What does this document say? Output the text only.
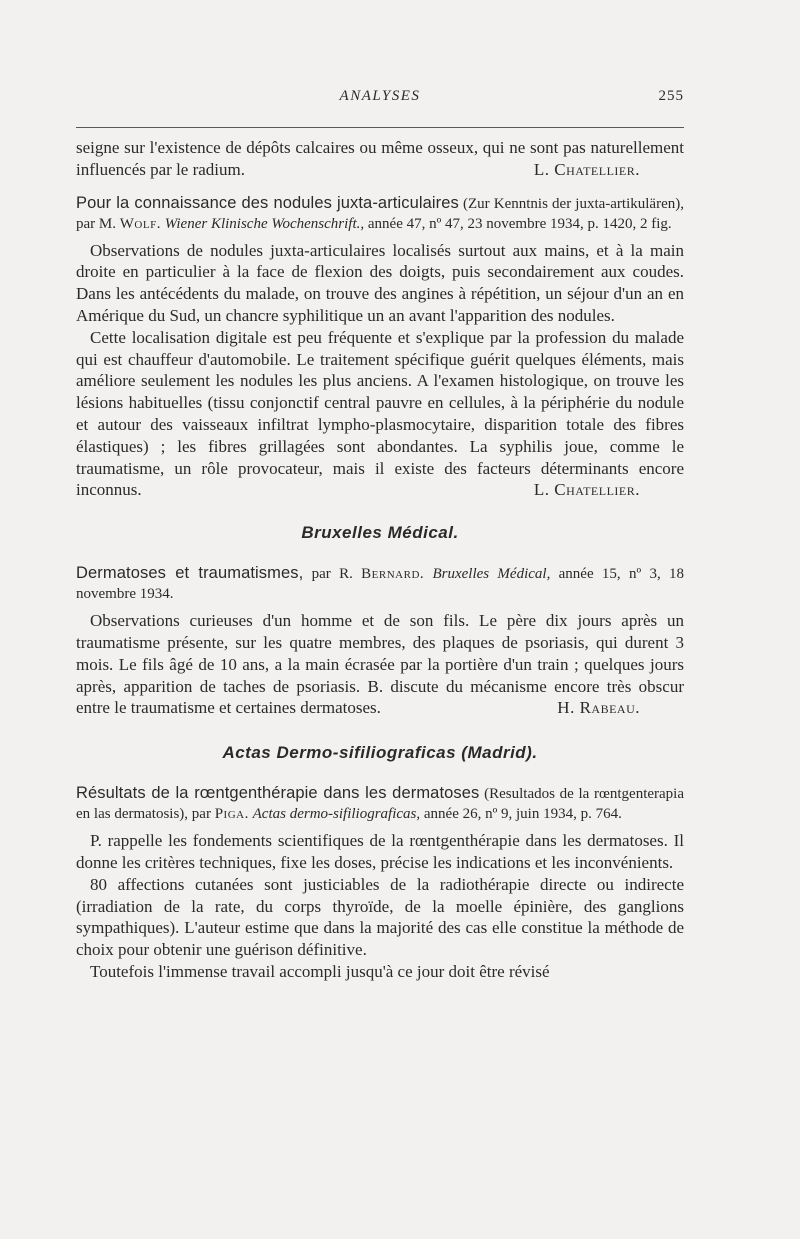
ANALYSES	255

seigne sur l'existence de dépôts calcaires ou même osseux, qui ne sont pas naturellement influencés par le radium.	L. Chatellier.

Pour la connaissance des nodules juxta-articulaires (Zur Kenntnis der juxta-artikulären), par M. Wolf. Wiener Klinische Wochenschrift., année 47, nº 47, 23 novembre 1934, p. 1420, 2 fig.

Observations de nodules juxta-articulaires localisés surtout aux mains, et à la main droite en particulier à la face de flexion des doigts, puis secondairement aux coudes. Dans les antécédents du malade, on trouve des angines à répétition, un séjour d'un an en Amérique du Sud, un chancre syphilitique un an avant l'apparition des nodules.

Cette localisation digitale est peu fréquente et s'explique par la profession du malade qui est chauffeur d'automobile. Le traitement spécifique guérit quelques éléments, mais améliore seulement les nodules les plus anciens. A l'examen histologique, on trouve les lésions habituelles (tissu conjonctif central pauvre en cellules, à la périphérie du nodule et autour des vaisseaux infiltrat lympho-plasmocytaire, disparition totale des fibres élastiques) ; les fibres grillagées sont abondantes. La syphilis joue, comme le traumatisme, un rôle provocateur, mais il existe des facteurs déterminants encore inconnus.	L. Chatellier.

Bruxelles Médical.

Dermatoses et traumatismes, par R. Bernard. Bruxelles Médical, année 15, nº 3, 18 novembre 1934.

Observations curieuses d'un homme et de son fils. Le père dix jours après un traumatisme présente, sur les quatre membres, des plaques de psoriasis, qui durent 3 mois. Le fils âgé de 10 ans, a la main écrasée par la portière d'un train ; quelques jours après, apparition de taches de psoriasis. B. discute du mécanisme encore très obscur entre le traumatisme et certaines dermatoses.	H. Rabeau.

Actas Dermo-sifiliograficas (Madrid).

Résultats de la rœntgenthérapie dans les dermatoses (Resultados de la rœntgenterapia en las dermatosis), par Piga. Actas dermo-sifiliograficas, année 26, nº 9, juin 1934, p. 764.

P. rappelle les fondements scientifiques de la rœntgenthérapie dans les dermatoses. Il donne les critères techniques, fixe les doses, précise les indications et les inconvénients.

80 affections cutanées sont justiciables de la radiothérapie directe ou indirecte (irradiation de la rate, du corps thyroïde, de la moelle épinière, des ganglions sympathiques). L'auteur estime que dans la majorité des cas elle constitue la méthode de choix pour obtenir une guérison définitive.

Toutefois l'immense travail accompli jusqu'à ce jour doit être révisé
